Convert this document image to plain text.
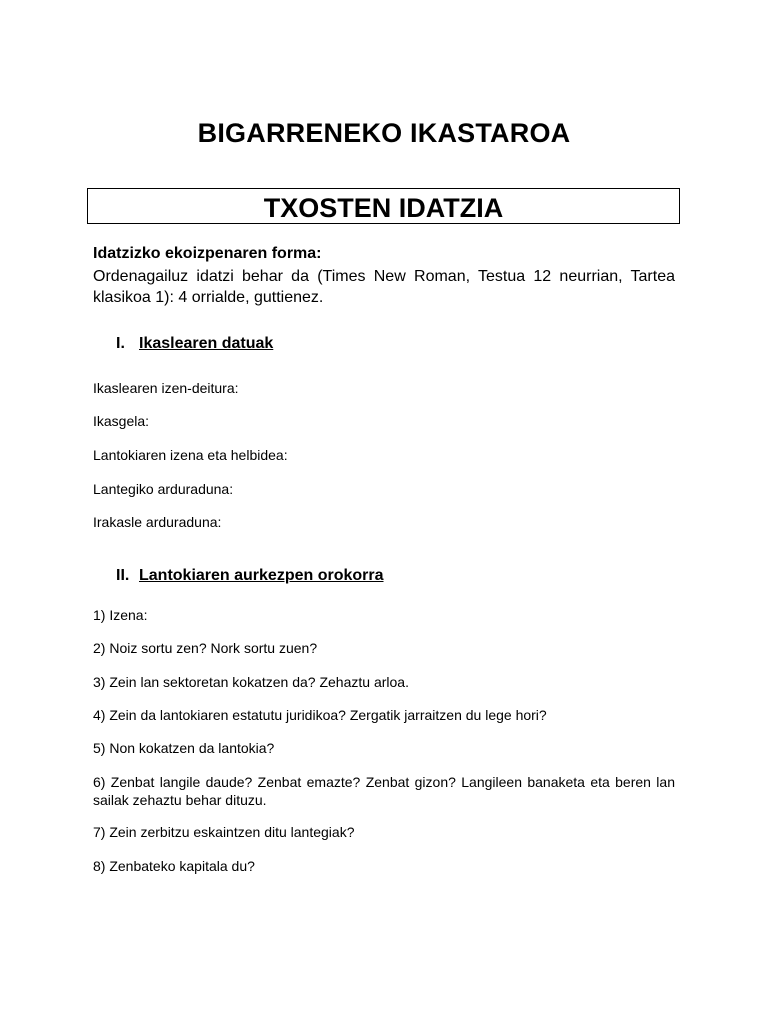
BIGARRENEKO IKASTAROA
TXOSTEN IDATZIA
Idatzizko ekoizpenaren forma:
Ordenagailuz idatzi behar da (Times New Roman, Testua 12 neurrian, Tartea klasikoa 1): 4 orrialde, guttienez.
I. Ikaslearen datuak
Ikaslearen izen-deitura:
Ikasgela:
Lantokiaren izena eta helbidea:
Lantegiko arduraduna:
Irakasle arduraduna:
II. Lantokiaren aurkezpen orokorra
1) Izena:
2) Noiz sortu zen? Nork sortu zuen?
3) Zein lan sektoretan kokatzen da? Zehaztu arloa.
4) Zein da lantokiaren estatutu juridikoa? Zergatik jarraitzen du lege hori?
5) Non kokatzen da lantokia?
6) Zenbat langile daude? Zenbat emazte? Zenbat gizon? Langileen banaketa eta beren lan sailak zehaztu behar dituzu.
7) Zein zerbitzu eskaintzen ditu lantegiak?
8) Zenbateko kapitala du?
